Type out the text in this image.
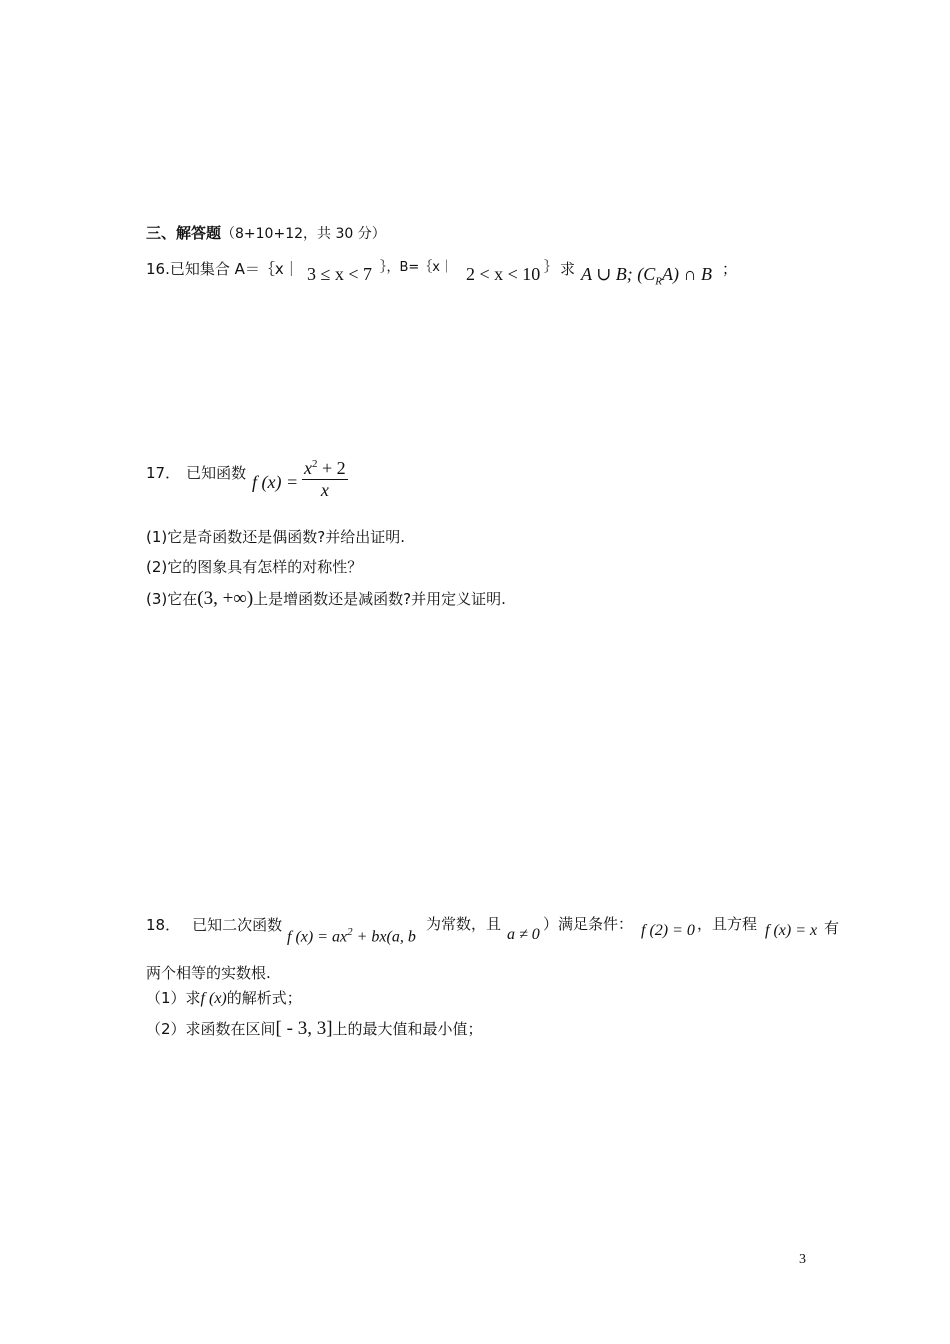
三、解答题（8+10+12，共 30 分）
16.已知集合 A＝｛x｜ 3 ≤ x < 7 ｝，B=｛x｜ 2 < x < 10 ｝ 求 A ∪ B; $(C_RA)$ ∩ B ；
17． 已知函数 f $(x) = \frac{x^2 + 2}{x}$
(1)它是奇函数还是偶函数?并给出证明.
(2)它的图象具有怎样的对称性？
(3)它在(3, +∞)上是增函数还是减函数?并用定义证明.
18． 已知二次函数
f $(x) = ax^2 + bx(a$, b
为常数，且
a ≠ 0
）满足条件： f (2) = 0 ，且方程 f (x) = x 有
两个相等的实数根.
（1）求f (x)的解析式；
（2）求函数在区间[ - 3, 3]上的最大值和最小值；
3
